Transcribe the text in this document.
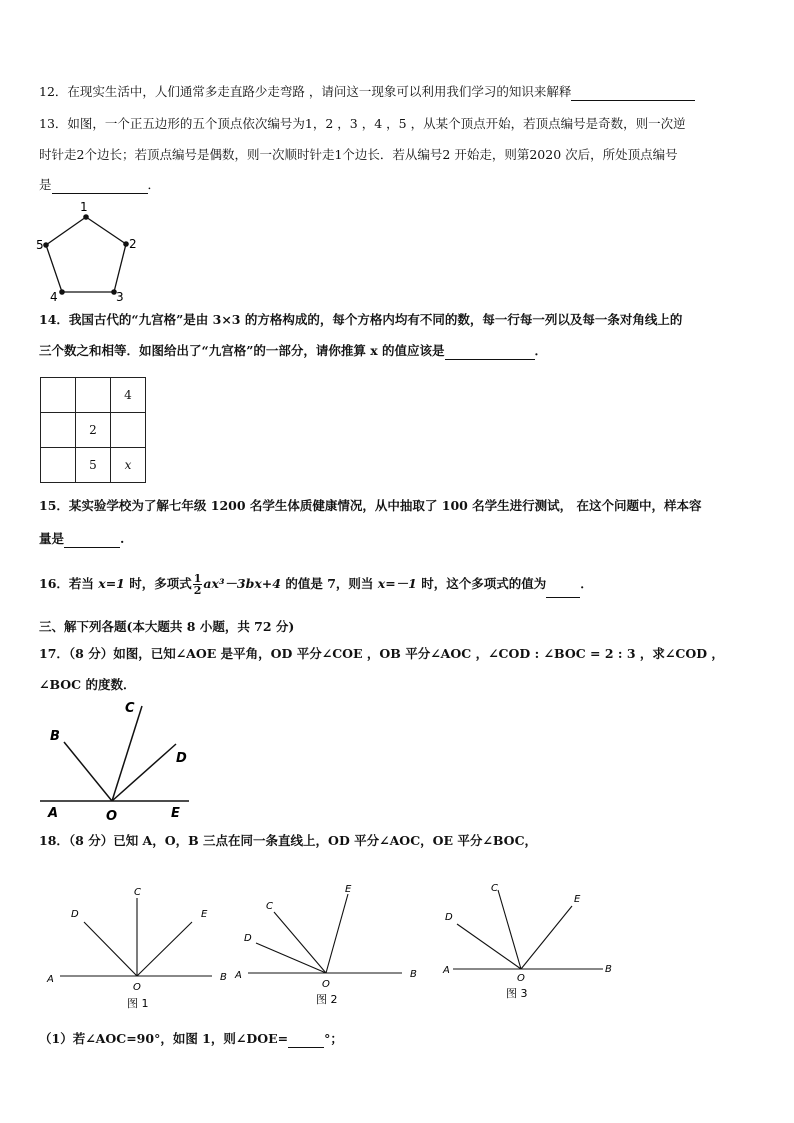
12．在现实生活中，人们通常多走直路少走弯路 ，请问这一现象可以利用我们学习的知识来解释
13．如图，一个正五边形的五个顶点依次编号为1，2 ，3 ，4 ，5 ，从某个顶点开始，若顶点编号是奇数，则一次逆
时针走2个边长；若顶点编号是偶数，则一次顺时针走1个边长．若从编号2 开始走，则第2020 次后，所处顶点编号
是	．
1
2
3
4
5
14．我国古代的“九宫格”是由 3×3 的方格构成的，每个方格内均有不同的数，每一行每一列以及每一条对角线上的
三个数之和相等．如图给出了“九宫格”的一部分，请你推算 x 的值应该是	．
		4
	2	
	5	x
15．某实验学校为了解七年级 1200 名学生体质健康情况，从中抽取了 100 名学生进行测试， 在这个问题中，样本容
量是	.
16．若当 x=1 时，多项式 $\frac{1}{2} ax^3-3bx+4$ 的值是 7，则当 x=－1 时，这个多项式的值为	．
三、解下列各题(本大题共 8 小题，共 72 分)
17．（8 分）如图，已知∠AOE 是平角，OD 平分∠COE ，OB 平分∠AOC ，∠COD : ∠BOC = 2 : 3 ，求∠COD ，
∠BOC 的度数．
B
C
D
A	O	E
18．（8 分）已知 A，O，B 三点在同一条直线上，OD 平分∠AOC，OE 平分∠BOC，
A	B
C
D	E
O
图 1
A	B
C
D
E
O
图 2
A	B
C
D
E
O
图 3
（1）若∠AOC=90°，如图 1，则∠DOE=	°；
